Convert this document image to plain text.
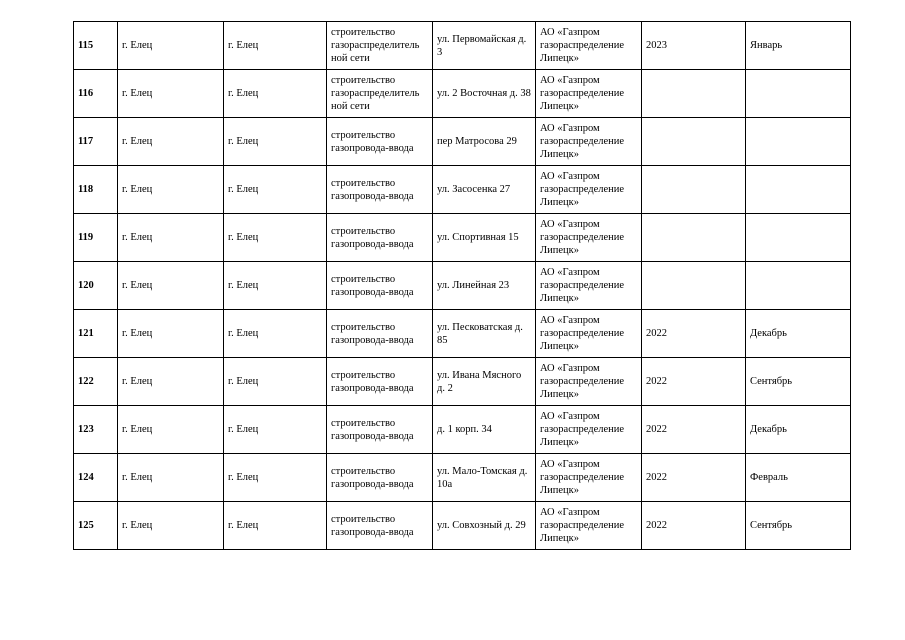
115	г. Елец	г. Елец	строительство газораспределитель ной сети	ул. Первомайская д. 3	АО «Газпром газораспределение Липецк»	2023	Январь
116	г. Елец	г. Елец	строительство газораспределитель ной сети	ул. 2 Восточная д. 38	АО «Газпром газораспределение Липецк»		
117	г. Елец	г. Елец	строительство газопровода-ввода	пер Матросова 29	АО «Газпром газораспределение Липецк»		
118	г. Елец	г. Елец	строительство газопровода-ввода	ул. Засосенка 27	АО «Газпром газораспределение Липецк»		
119	г. Елец	г. Елец	строительство газопровода-ввода	ул. Спортивная 15	АО «Газпром газораспределение Липецк»		
120	г. Елец	г. Елец	строительство газопровода-ввода	ул. Линейная 23	АО «Газпром газораспределение Липецк»		
121	г. Елец	г. Елец	строительство газопровода-ввода	ул. Песковатская д. 85	АО «Газпром газораспределение Липецк»	2022	Декабрь
122	г. Елец	г. Елец	строительство газопровода-ввода	ул. Ивана Мясного д. 2	АО «Газпром газораспределение Липецк»	2022	Сентябрь
123	г. Елец	г. Елец	строительство газопровода-ввода	д. 1 корп. 34	АО «Газпром газораспределение Липецк»	2022	Декабрь
124	г. Елец	г. Елец	строительство газопровода-ввода	ул. Мало-Томская д. 10а	АО «Газпром газораспределение Липецк»	2022	Февраль
125	г. Елец	г. Елец	строительство газопровода-ввода	ул. Совхозный д. 29	АО «Газпром газораспределение Липецк»	2022	Сентябрь
